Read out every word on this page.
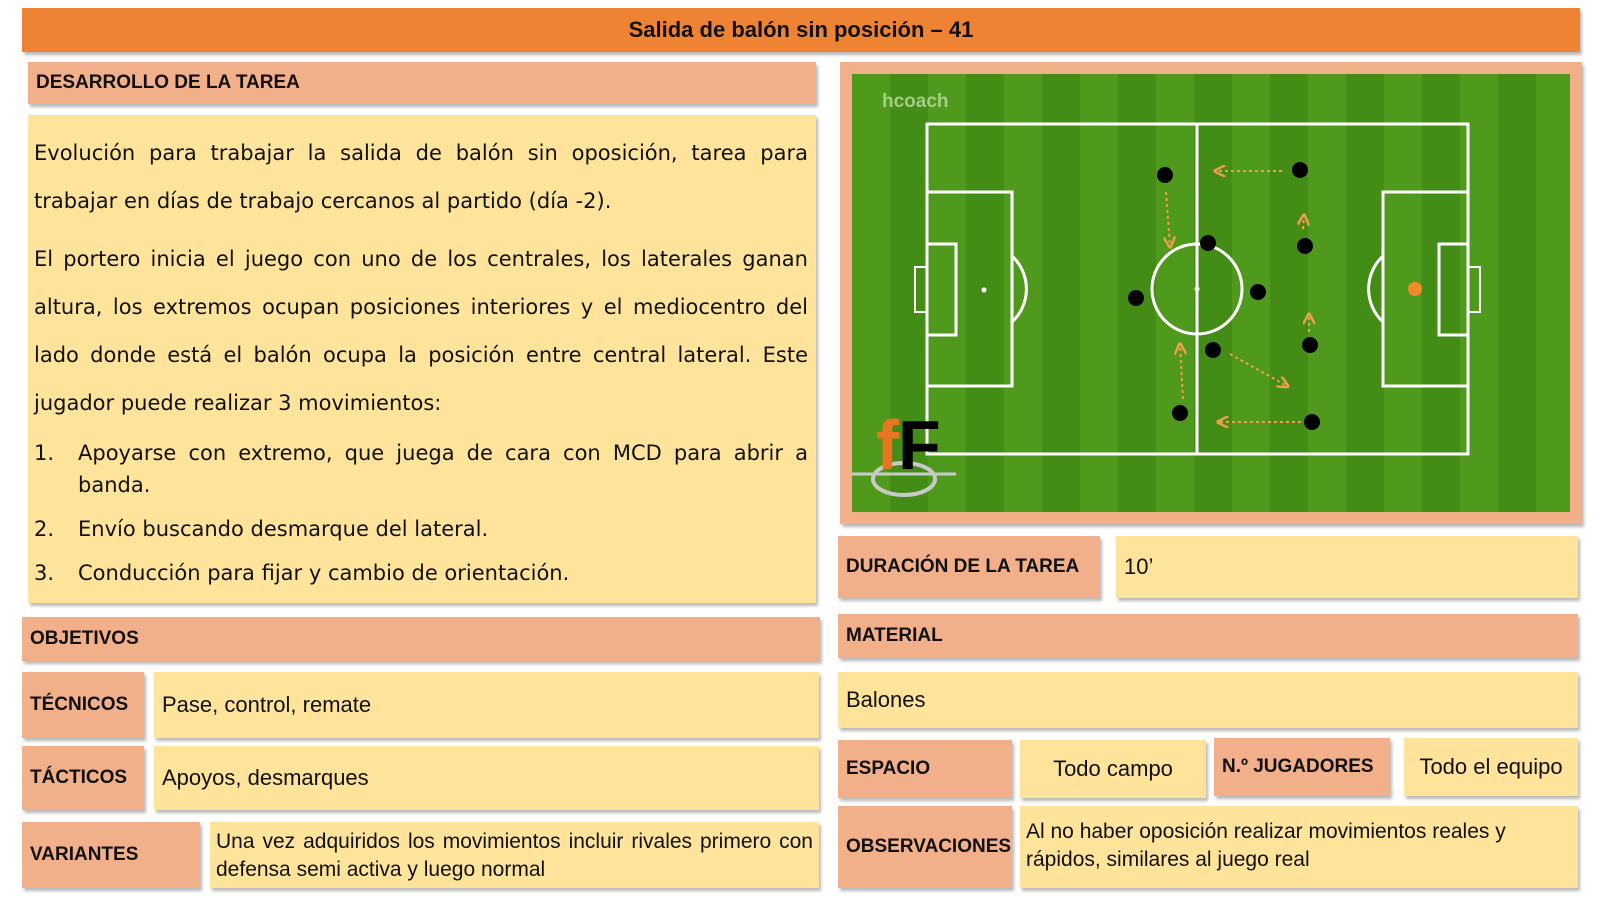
Salida de balón sin posición – 41
DESARROLLO DE LA TAREA

Evolución para trabajar la salida de balón sin oposición, tarea para trabajar en días de trabajo cercanos al partido (día -2).

El portero inicia el juego con uno de los centrales, los laterales ganan altura, los extremos ocupan posiciones interiores y el mediocentro del lado donde está el balón ocupa la posición entre central lateral. Este jugador puede realizar 3 movimientos:

1.	Apoyarse con extremo, que juega de cara con MCD para abrir a banda.
2.	Envío buscando desmarque del lateral.
3.	Conducción para fijar y cambio de orientación.
hcoach
f
F
DURACIÓN DE LA TAREA	10’
OBJETIVOS
TÉCNICOS	Pase, control, remate
TÁCTICOS	Apoyos, desmarques
VARIANTES
Una vez adquiridos los movimientos incluir rivales primero con defensa semi activa y luego normal
MATERIAL
Balones
ESPACIO	Todo campo	N.º JUGADORES	Todo el equipo
OBSERVACIONES
Al no haber oposición realizar movimientos reales y rápidos, similares al juego real
